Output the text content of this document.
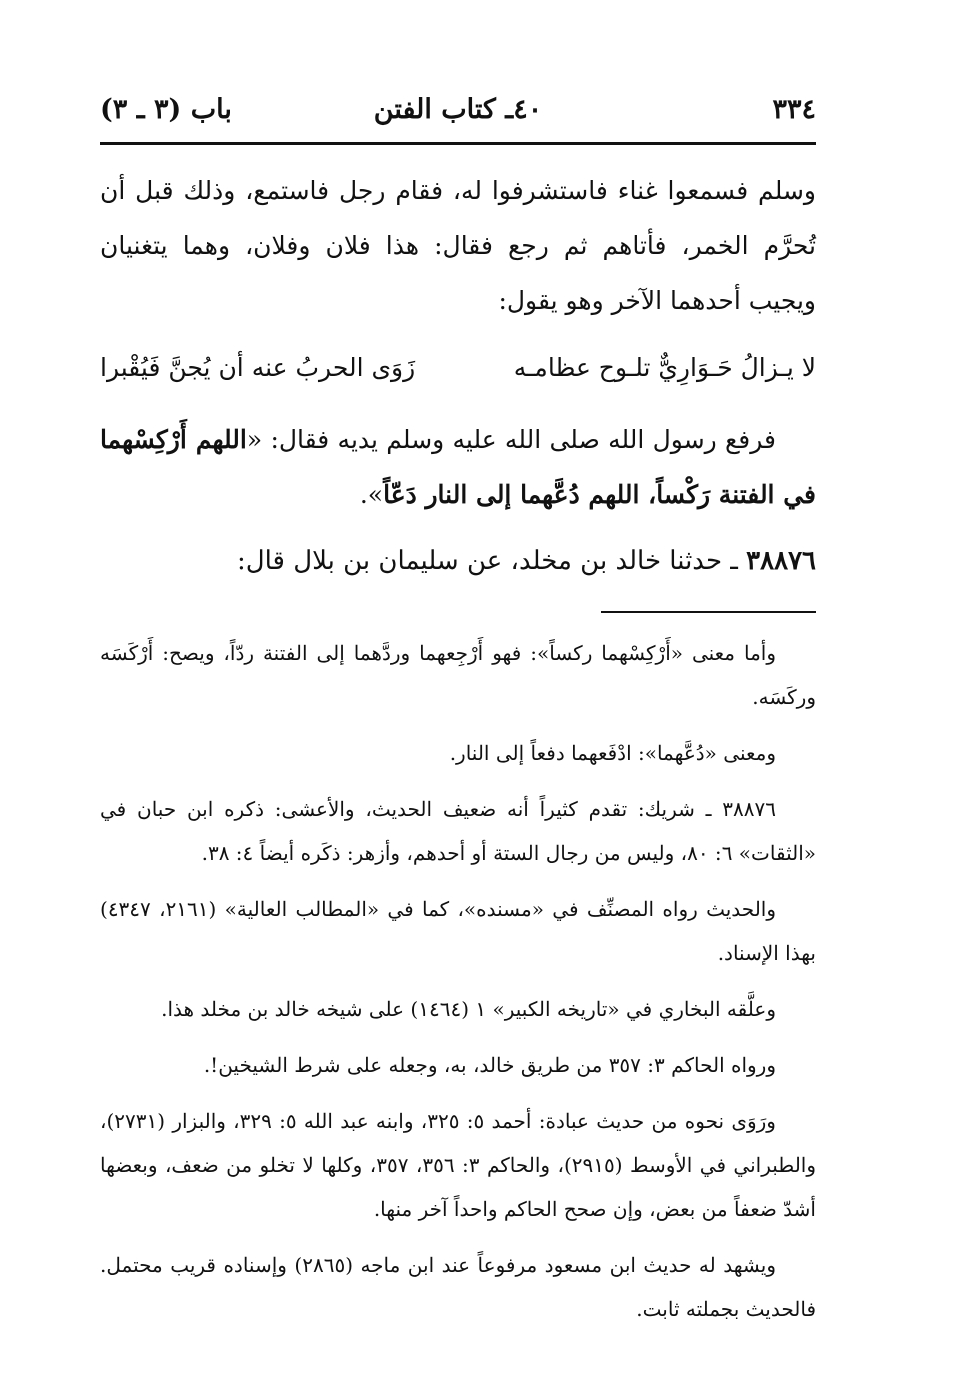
٣٣٤
٤٠ـ كتاب الفتن
باب (٣ ـ ٣)

وسلم فسمعوا غناء فاستشرفوا له، فقام رجل فاستمع، وذلك قبل أن تُحرَّم الخمر، فأتاهم ثم رجع فقال: هذا فلان وفلان، وهما يتغنيان ويجيب أحدهما الآخر وهو يقول:

لا يـزالُ حَـوَارِيٌّ تلـوح عظامـه
زَوَى الحربُ عنه أن يُجنَّ فَيُقْبرا

فرفع رسول الله صلى الله عليه وسلم يديه فقال: «اللهم أَرْكِسْهما في الفتنة رَكْساً، اللهم دُعَّهما إلى النار دَعّاً».

٣٨٨٧٦ ـ حدثنا خالد بن مخلد، عن سليمان بن بلال قال:

وأما معنى «أَرْكِسْهما ركساً»: فهو أَرْجِعهما وردَّهما إلى الفتنة ردّاً، ويصح: أَرْكَسَه وركَسَه.

ومعنى «دُعَّهما»: ادْفَعهما دفعاً إلى النار.

٣٨٨٧٦ ـ شريك: تقدم كثيراً أنه ضعيف الحديث، والأعشى: ذكره ابن حبان في «الثقات» ٦: ٨٠، وليس من رجال الستة أو أحدهم، وأزهر: ذكَره أيضاً ٤: ٣٨.

والحديث رواه المصنِّف في «مسنده»، كما في «المطالب العالية» (٢١٦١، ٤٣٤٧) بهذا الإسناد.

وعلَّقه البخاري في «تاريخه الكبير» ١ (١٤٦٤) على شيخه خالد بن مخلد هذا.

ورواه الحاكم ٣: ٣٥٧ من طريق خالد، به، وجعله على شرط الشيخين!.

ورَوَى نحوه من حديث عبادة: أحمد ٥: ٣٢٥، وابنه عبد الله ٥: ٣٢٩، والبزار (٢٧٣١)، والطبراني في الأوسط (٢٩١٥)، والحاكم ٣: ٣٥٦، ٣٥٧، وكلها لا تخلو من ضعف، وبعضها أشدّ ضعفاً من بعض، وإن صحح الحاكم واحداً آخر منها.

ويشهد له حديث ابن مسعود مرفوعاً عند ابن ماجه (٢٨٦٥) وإسناده قريب محتمل. فالحديث بجملته ثابت.
